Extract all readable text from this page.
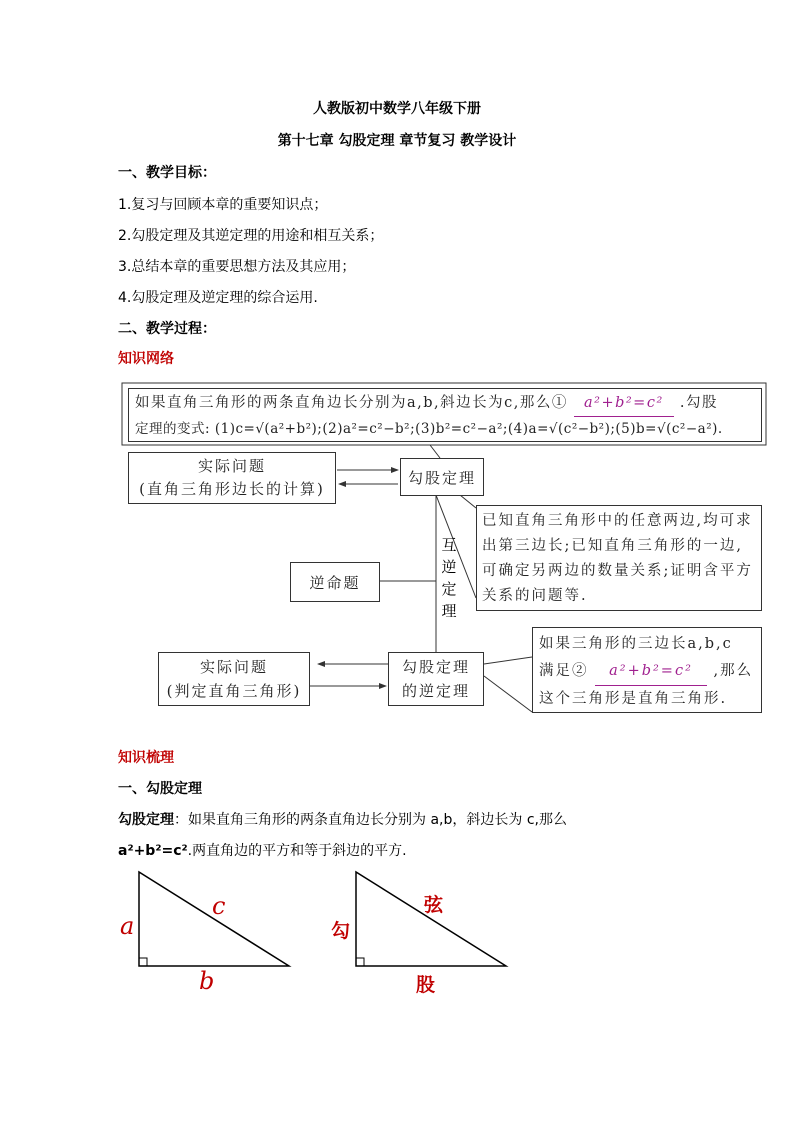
人教版初中数学八年级下册
第十七章 勾股定理 章节复习 教学设计
一、教学目标：
1.复习与回顾本章的重要知识点；
2.勾股定理及其逆定理的用途和相互关系；
3.总结本章的重要思想方法及其应用；
4.勾股定理及逆定理的综合运用.
二、教学过程：
知识网络
如果直角三角形的两条直角边长分别为a,b,斜边长为c,那么① a²+b²=c² .勾股
定理的变式: (1)c=√(a²+b²);(2)a²=c²−b²;(3)b²=c²−a²;(4)a=√(c²−b²);(5)b=√(c²−a²).
实际问题
(直角三角形边长的计算)
勾股定理
已知直角三角形中的任意两边,均可求出第三边长;已知直角三角形的一边,可确定另两边的数量关系;证明含平方关系的问题等.
互
逆
定
理
逆命题
实际问题
(判定直角三角形)
勾股定理
的逆定理
如果三角形的三边长a,b,c
满足② a²+b²=c² ,那么
这个三角形是直角三角形.
知识梳理
一、勾股定理
勾股定理：如果直角三角形的两条直角边长分别为 a,b，斜边长为 c,那么
a²+b²=c².两直角边的平方和等于斜边的平方.
a
c
b
勾
弦
股
